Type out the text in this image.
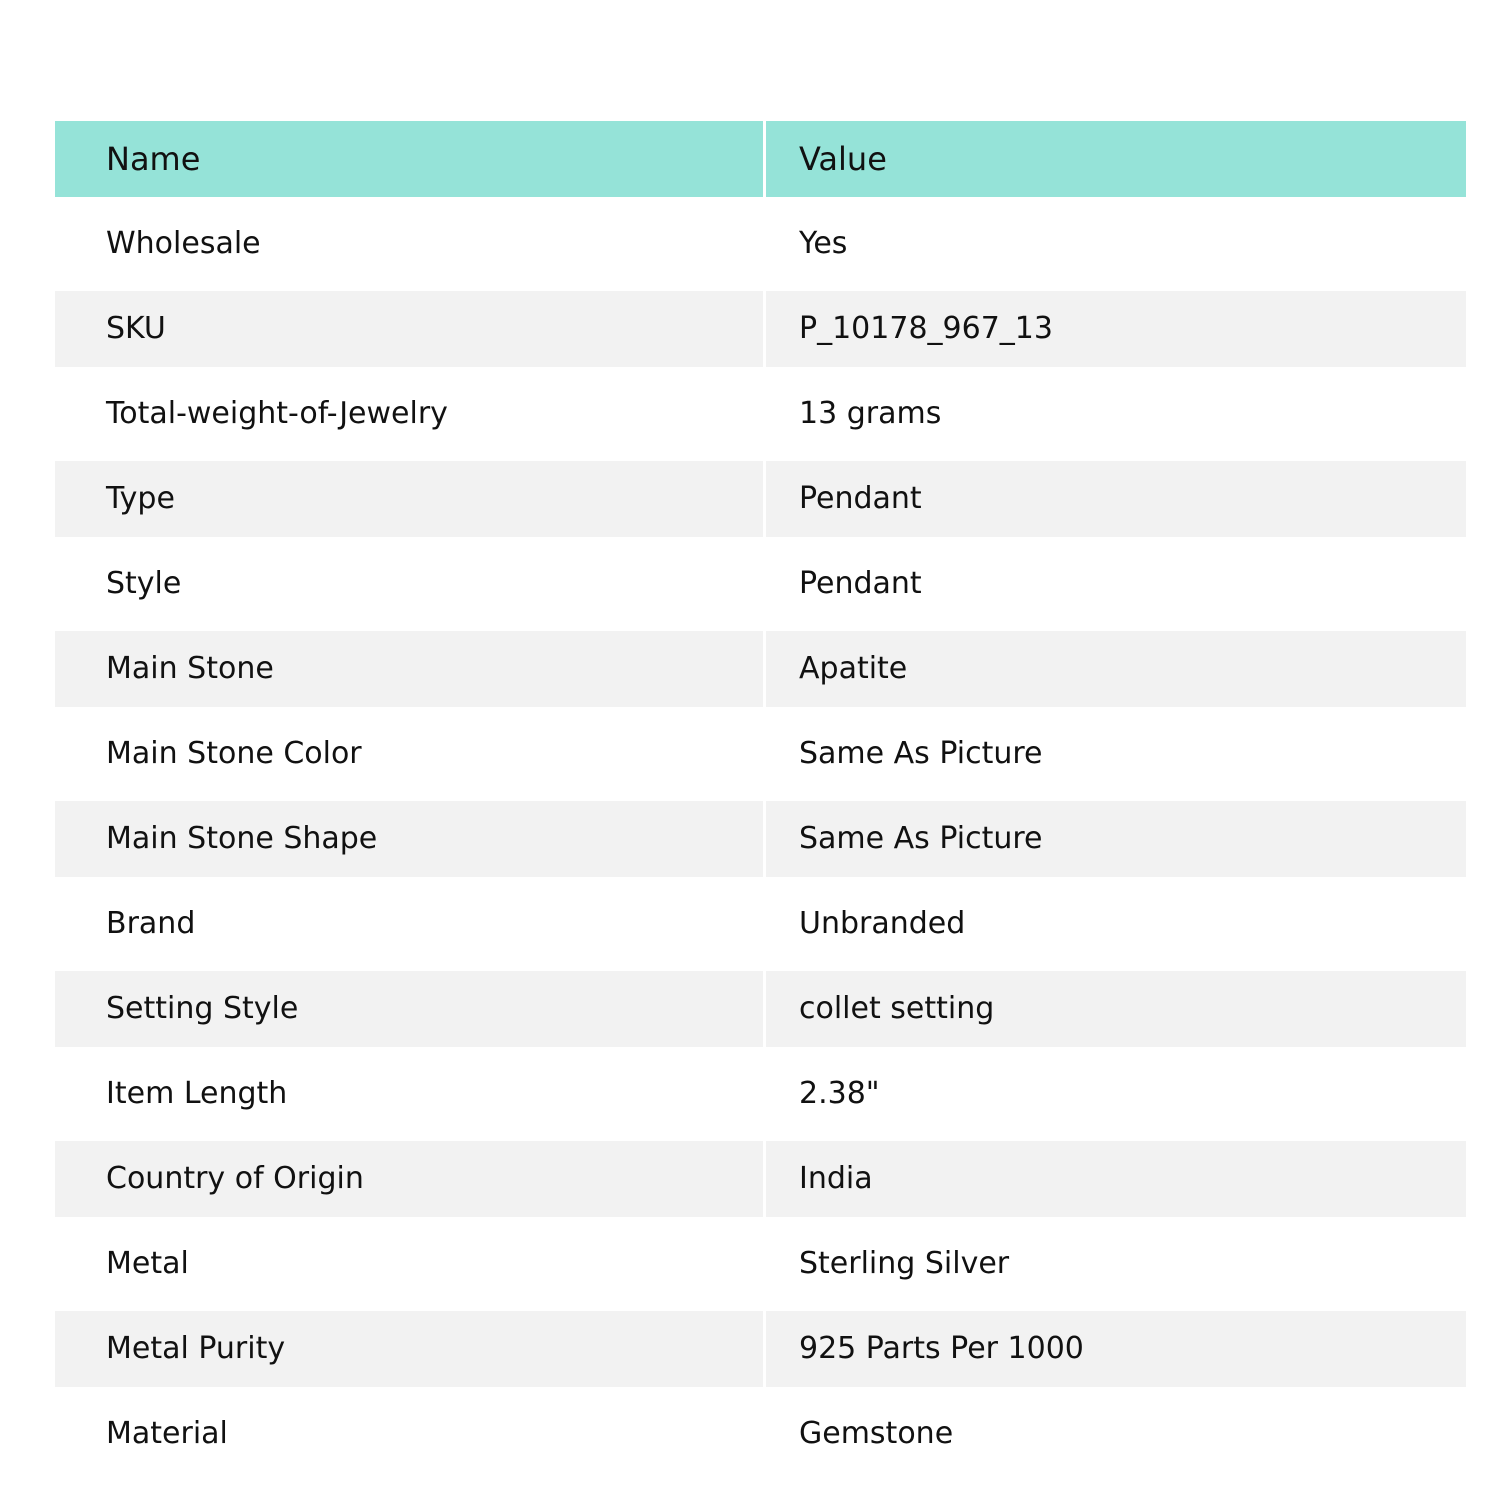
Name	Value
Wholesale	Yes
SKU	P_10178_967_13
Total-weight-of-Jewelry	13 grams
Type	Pendant
Style	Pendant
Main Stone	Apatite
Main Stone Color	Same As Picture
Main Stone Shape	Same As Picture
Brand	Unbranded
Setting Style	collet setting
Item Length	2.38"
Country of Origin	India
Metal	Sterling Silver
Metal Purity	925 Parts Per 1000
Material	Gemstone
